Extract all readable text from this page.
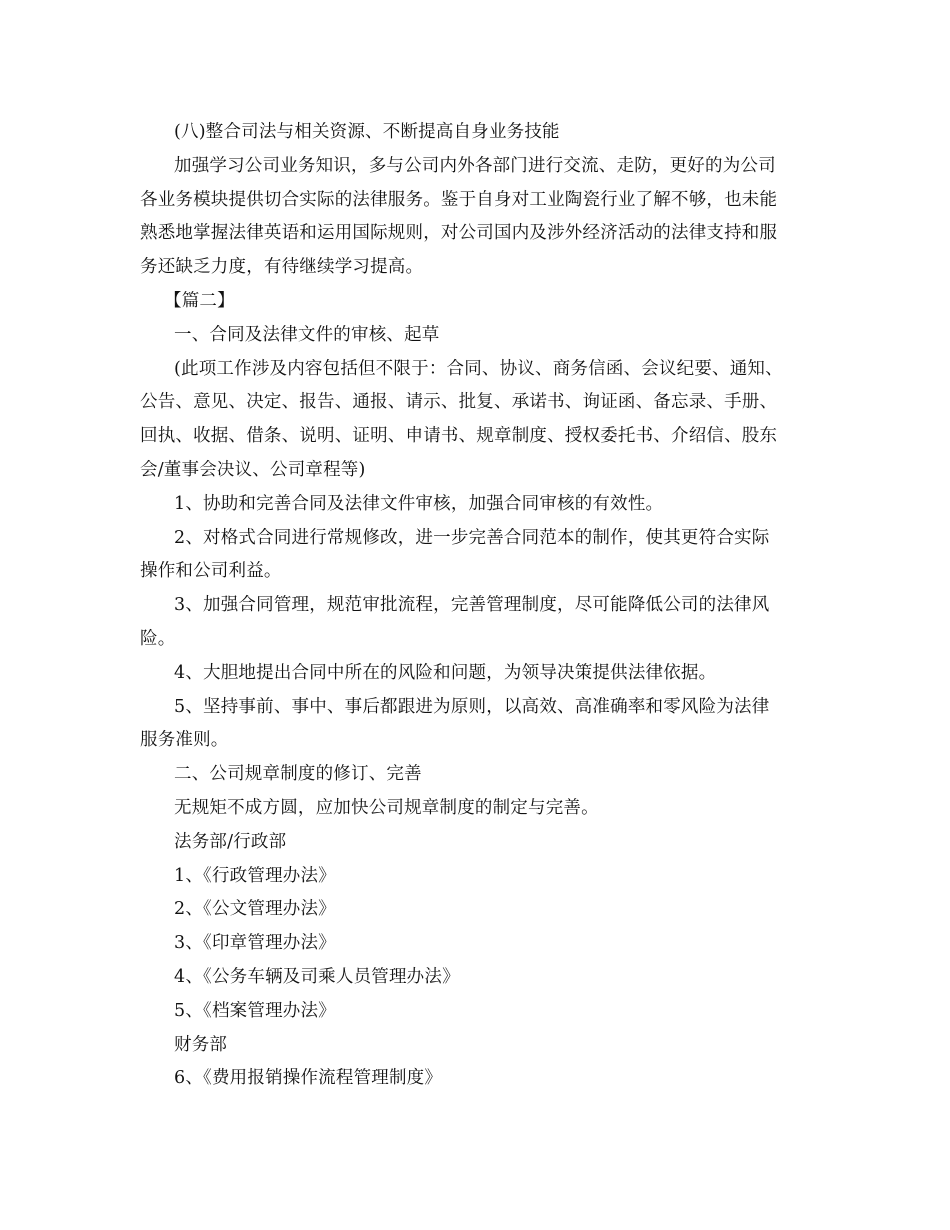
(八)整合司法与相关资源、不断提高自身业务技能
加强学习公司业务知识，多与公司内外各部门进行交流、走防，更好的为公司
各业务模块提供切合实际的法律服务。鉴于自身对工业陶瓷行业了解不够，也未能
熟悉地掌握法律英语和运用国际规则，对公司国内及涉外经济活动的法律支持和服
务还缺乏力度，有待继续学习提高。
【篇二】
一、合同及法律文件的审核、起草
(此项工作涉及内容包括但不限于：合同、协议、商务信函、会议纪要、通知、
公告、意见、决定、报告、通报、请示、批复、承诺书、询证函、备忘录、手册、
回执、收据、借条、说明、证明、申请书、规章制度、授权委托书、介绍信、股东
会/董事会决议、公司章程等)
1、协助和完善合同及法律文件审核，加强合同审核的有效性。
2、对格式合同进行常规修改，进一步完善合同范本的制作，使其更符合实际
操作和公司利益。
3、加强合同管理，规范审批流程，完善管理制度，尽可能降低公司的法律风
险。
4、大胆地提出合同中所在的风险和问题，为领导决策提供法律依据。
5、坚持事前、事中、事后都跟进为原则，以高效、高准确率和零风险为法律
服务准则。
二、公司规章制度的修订、完善
无规矩不成方圆，应加快公司规章制度的制定与完善。
法务部/行政部
1、《行政管理办法》
2、《公文管理办法》
3、《印章管理办法》
4、《公务车辆及司乘人员管理办法》
5、《档案管理办法》
财务部
6、《费用报销操作流程管理制度》
